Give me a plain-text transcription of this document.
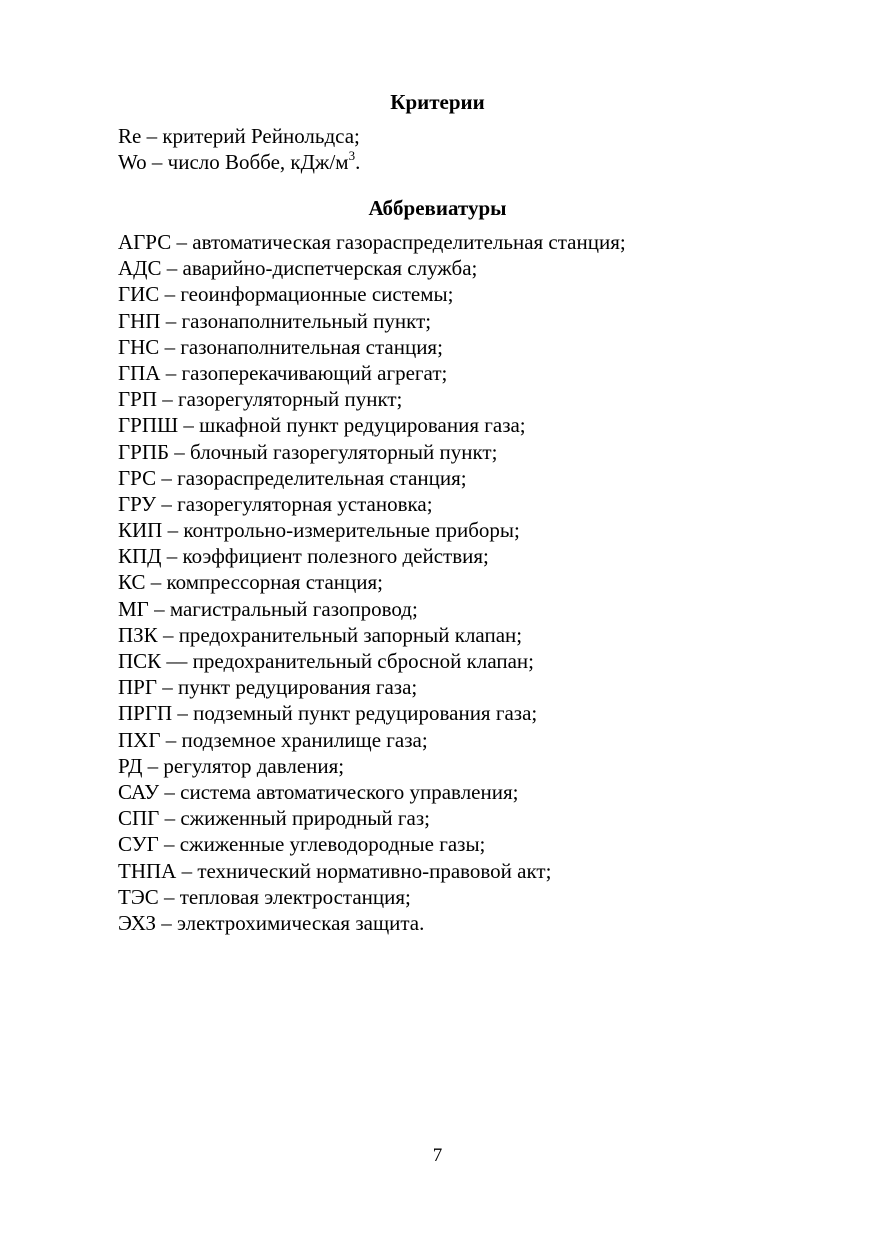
Критерии
Re – критерий Рейнольдса;
Wo – число Воббе, кДж/$м^3$.
Аббревиатуры
АГРС – автоматическая газораспределительная станция;
АДС – аварийно-диспетчерская служба;
ГИС – геоинформационные системы;
ГНП – газонаполнительный пункт;
ГНС – газонаполнительная станция;
ГПА – газоперекачивающий агрегат;
ГРП – газорегуляторный пункт;
ГРПШ – шкафной пункт редуцирования газа;
ГРПБ – блочный газорегуляторный пункт;
ГРС – газораспределительная станция;
ГРУ – газорегуляторная установка;
КИП – контрольно-измерительные приборы;
КПД – коэффициент полезного действия;
КС – компрессорная станция;
МГ – магистральный газопровод;
ПЗК – предохранительный запорный клапан;
ПСК –– предохранительный сбросной клапан;
ПРГ – пункт редуцирования газа;
ПРГП – подземный пункт редуцирования газа;
ПХГ – подземное хранилище газа;
РД – регулятор давления;
САУ – система автоматического управления;
СПГ – сжиженный природный газ;
СУГ – сжиженные углеводородные газы;
ТНПА – технический нормативно-правовой акт;
ТЭС – тепловая электростанция;
ЭХЗ – электрохимическая защита.
7
